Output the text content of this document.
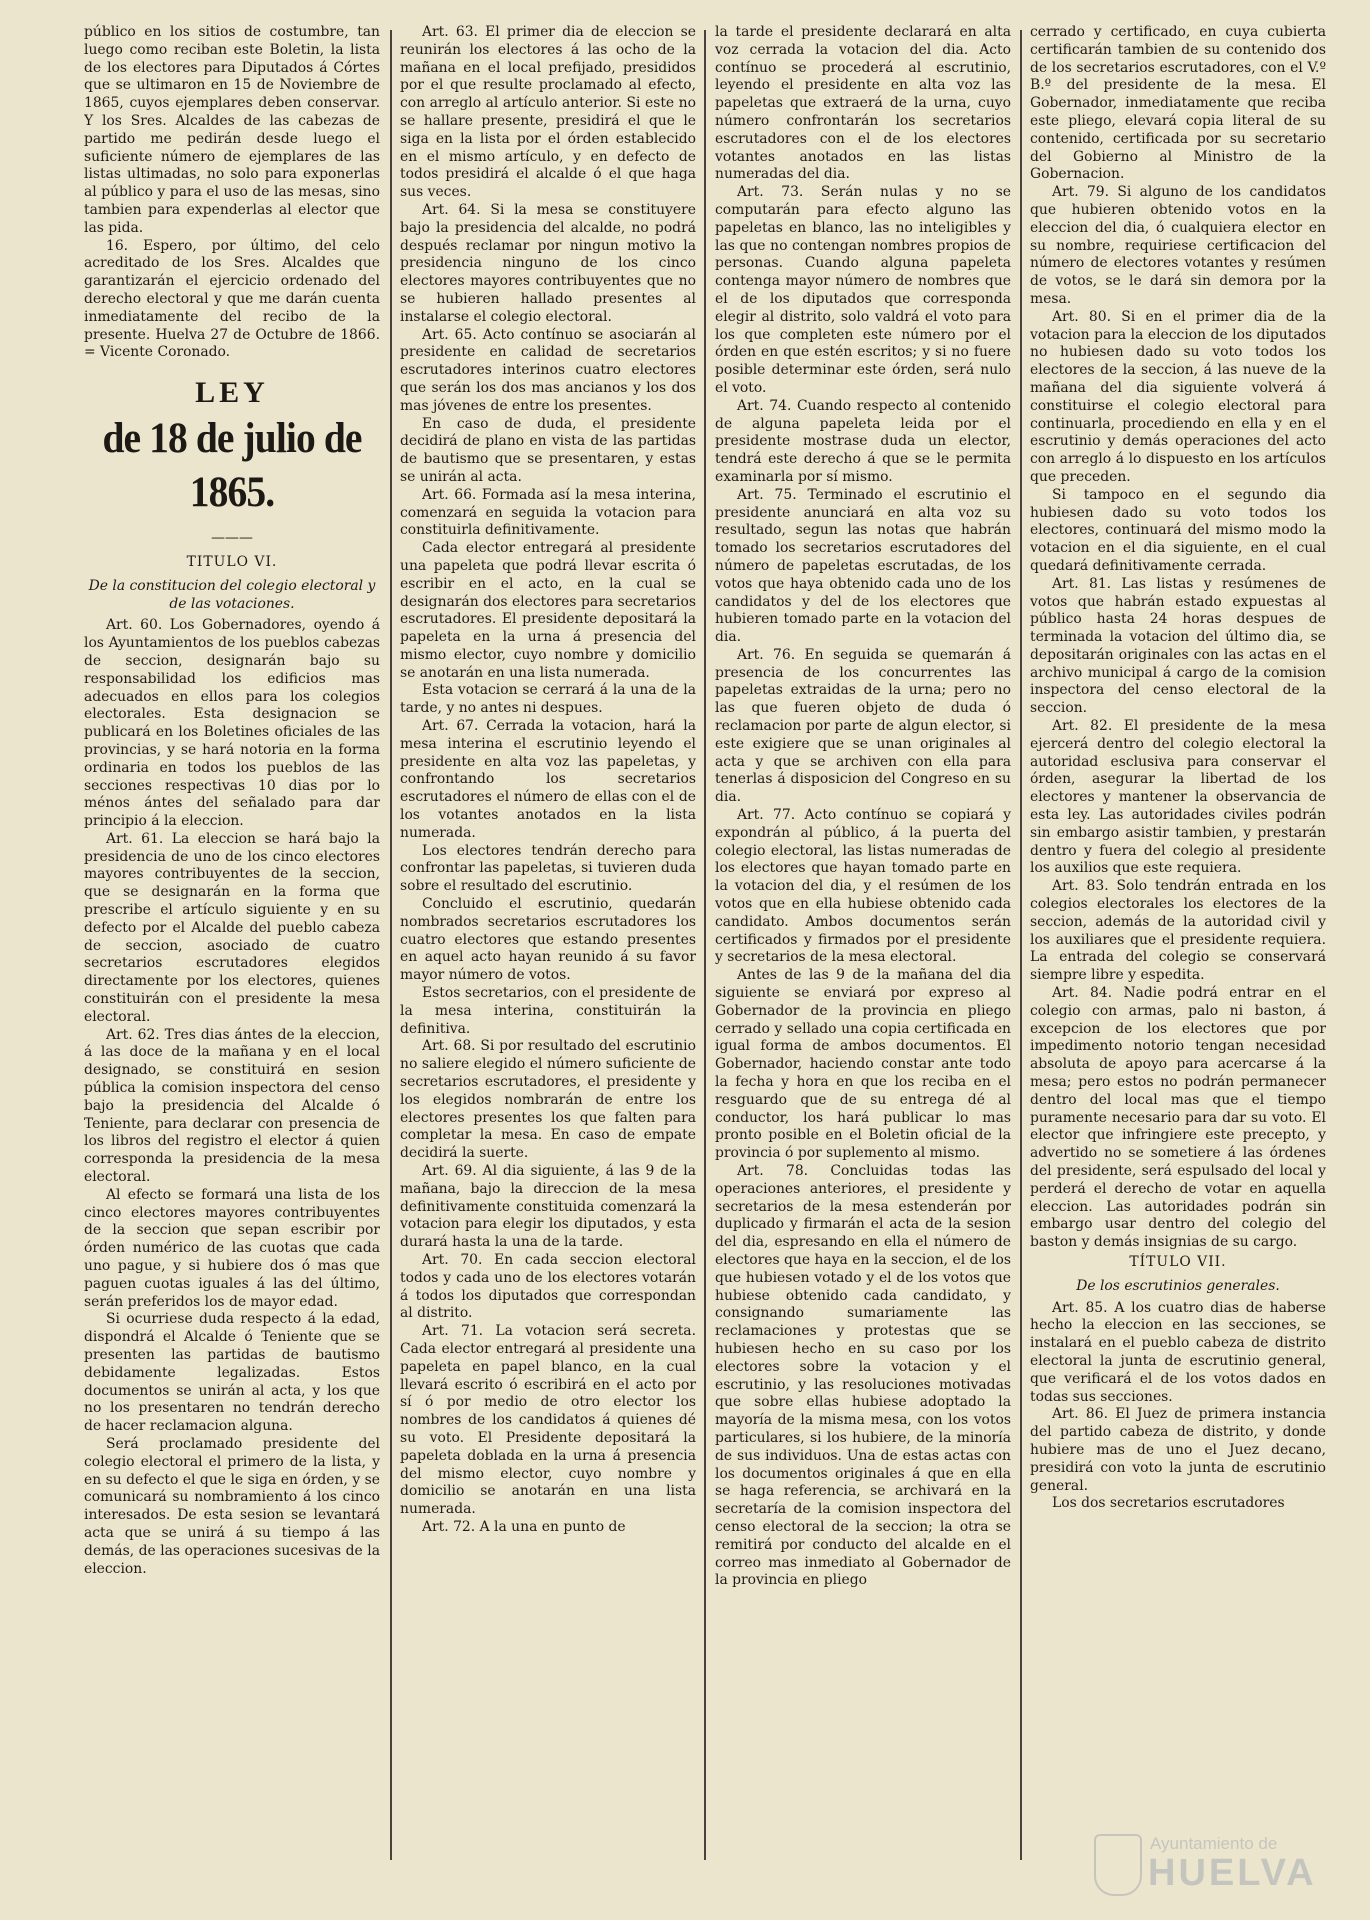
público en los sitios de costumbre, tan luego como reciban este Boletin, la lista de los electores para Diputados á Córtes que se ultimaron en 15 de Noviembre de 1865, cuyos ejemplares deben conservar. Y los Sres. Alcaldes de las cabezas de partido me pedirán desde luego el suficiente número de ejemplares de las listas ultimadas, no solo para exponerlas al público y para el uso de las mesas, sino tambien para expenderlas al elector que las pida.

16. Espero, por último, del celo acreditado de los Sres. Alcaldes que garantizarán el ejercicio ordenado del derecho electoral y que me darán cuenta inmediatamente del recibo de la presente. Huelva 27 de Octubre de 1866. = Vicente Coronado.

LEY

de 18 de julio de 1865.

———

TITULO VI.

De la constitucion del colegio electoral y de las votaciones.

Art. 60. Los Gobernadores, oyendo á los Ayuntamientos de los pueblos cabezas de seccion, designarán bajo su responsabilidad los edificios mas adecuados en ellos para los colegios electorales. Esta designacion se publicará en los Boletines oficiales de las provincias, y se hará notoria en la forma ordinaria en todos los pueblos de las secciones respectivas 10 dias por lo ménos ántes del señalado para dar principio á la eleccion.

Art. 61. La eleccion se hará bajo la presidencia de uno de los cinco electores mayores contribuyentes de la seccion, que se designarán en la forma que prescribe el artículo siguiente y en su defecto por el Alcalde del pueblo cabeza de seccion, asociado de cuatro secretarios escrutadores elegidos directamente por los electores, quienes constituirán con el presidente la mesa electoral.

Art. 62. Tres dias ántes de la eleccion, á las doce de la mañana y en el local designado, se constituirá en sesion pública la comision inspectora del censo bajo la presidencia del Alcalde ó Teniente, para declarar con presencia de los libros del registro el elector á quien corresponda la presidencia de la mesa electoral.

Al efecto se formará una lista de los cinco electores mayores contribuyentes de la seccion que sepan escribir por órden numérico de las cuotas que cada uno pague, y si hubiere dos ó mas que paguen cuotas iguales á las del último, serán preferidos los de mayor edad.

Si ocurriese duda respecto á la edad, dispondrá el Alcalde ó Teniente que se presenten las partidas de bautismo debidamente legalizadas. Estos documentos se unirán al acta, y los que no los presentaren no tendrán derecho de hacer reclamacion alguna.

Será proclamado presidente del colegio electoral el primero de la lista, y en su defecto el que le siga en órden, y se comunicará su nombramiento á los cinco interesados. De esta sesion se levantará acta que se unirá á su tiempo á las demás, de las operaciones sucesivas de la eleccion.

Art. 63. El primer dia de eleccion se reunirán los electores á las ocho de la mañana en el local prefijado, presididos por el que resulte proclamado al efecto, con arreglo al artículo anterior. Si este no se hallare presente, presidirá el que le siga en la lista por el órden establecido en el mismo artículo, y en defecto de todos presidirá el alcalde ó el que haga sus veces.

Art. 64. Si la mesa se constituyere bajo la presidencia del alcalde, no podrá después reclamar por ningun motivo la presidencia ninguno de los cinco electores mayores contribuyentes que no se hubieren hallado presentes al instalarse el colegio electoral.

Art. 65. Acto contínuo se asociarán al presidente en calidad de secretarios escrutadores interinos cuatro electores que serán los dos mas ancianos y los dos mas jóvenes de entre los presentes.

En caso de duda, el presidente decidirá de plano en vista de las partidas de bautismo que se presentaren, y estas se unirán al acta.

Art. 66. Formada así la mesa interina, comenzará en seguida la votacion para constituirla definitivamente.

Cada elector entregará al presidente una papeleta que podrá llevar escrita ó escribir en el acto, en la cual se designarán dos electores para secretarios escrutadores. El presidente depositará la papeleta en la urna á presencia del mismo elector, cuyo nombre y domicilio se anotarán en una lista numerada.

Esta votacion se cerrará á la una de la tarde, y no antes ni despues.

Art. 67. Cerrada la votacion, hará la mesa interina el escrutinio leyendo el presidente en alta voz las papeletas, y confrontando los secretarios escrutadores el número de ellas con el de los votantes anotados en la lista numerada.

Los electores tendrán derecho para confrontar las papeletas, si tuvieren duda sobre el resultado del escrutinio.

Concluido el escrutinio, quedarán nombrados secretarios escrutadores los cuatro electores que estando presentes en aquel acto hayan reunido á su favor mayor número de votos.

Estos secretarios, con el presidente de la mesa interina, constituirán la definitiva.

Art. 68. Si por resultado del escrutinio no saliere elegido el número suficiente de secretarios escrutadores, el presidente y los elegidos nombrarán de entre los electores presentes los que falten para completar la mesa. En caso de empate decidirá la suerte.

Art. 69. Al dia siguiente, á las 9 de la mañana, bajo la direccion de la mesa definitivamente constituida comenzará la votacion para elegir los diputados, y esta durará hasta la una de la tarde.

Art. 70. En cada seccion electoral todos y cada uno de los electores votarán á todos los diputados que correspondan al distrito.

Art. 71. La votacion será secreta. Cada elector entregará al presidente una papeleta en papel blanco, en la cual llevará escrito ó escribirá en el acto por sí ó por medio de otro elector los nombres de los candidatos á quienes dé su voto. El Presidente depositará la papeleta doblada en la urna á presencia del mismo elector, cuyo nombre y domicilio se anotarán en una lista numerada.

Art. 72. A la una en punto de

la tarde el presidente declarará en alta voz cerrada la votacion del dia. Acto contínuo se procederá al escrutinio, leyendo el presidente en alta voz las papeletas que extraerá de la urna, cuyo número confrontarán los secretarios escrutadores con el de los electores votantes anotados en las listas numeradas del dia.

Art. 73. Serán nulas y no se computarán para efecto alguno las papeletas en blanco, las no inteligibles y las que no contengan nombres propios de personas. Cuando alguna papeleta contenga mayor número de nombres que el de los diputados que corresponda elegir al distrito, solo valdrá el voto para los que completen este número por el órden en que estén escritos; y si no fuere posible determinar este órden, será nulo el voto.

Art. 74. Cuando respecto al contenido de alguna papeleta leida por el presidente mostrase duda un elector, tendrá este derecho á que se le permita examinarla por sí mismo.

Art. 75. Terminado el escrutinio el presidente anunciará en alta voz su resultado, segun las notas que habrán tomado los secretarios escrutadores del número de papeletas escrutadas, de los votos que haya obtenido cada uno de los candidatos y del de los electores que hubieren tomado parte en la votacion del dia.

Art. 76. En seguida se quemarán á presencia de los concurrentes las papeletas extraidas de la urna; pero no las que fueren objeto de duda ó reclamacion por parte de algun elector, si este exigiere que se unan originales al acta y que se archiven con ella para tenerlas á disposicion del Congreso en su dia.

Art. 77. Acto contínuo se copiará y expondrán al público, á la puerta del colegio electoral, las listas numeradas de los electores que hayan tomado parte en la votacion del dia, y el resúmen de los votos que en ella hubiese obtenido cada candidato. Ambos documentos serán certificados y firmados por el presidente y secretarios de la mesa electoral.

Antes de las 9 de la mañana del dia siguiente se enviará por expreso al Gobernador de la provincia en pliego cerrado y sellado una copia certificada en igual forma de ambos documentos. El Gobernador, haciendo constar ante todo la fecha y hora en que los reciba en el resguardo que de su entrega dé al conductor, los hará publicar lo mas pronto posible en el Boletin oficial de la provincia ó por suplemento al mismo.

Art. 78. Concluidas todas las operaciones anteriores, el presidente y secretarios de la mesa estenderán por duplicado y firmarán el acta de la sesion del dia, espresando en ella el número de electores que haya en la seccion, el de los que hubiesen votado y el de los votos que hubiese obtenido cada candidato, y consignando sumariamente las reclamaciones y protestas que se hubiesen hecho en su caso por los electores sobre la votacion y el escrutinio, y las resoluciones motivadas que sobre ellas hubiese adoptado la mayoría de la misma mesa, con los votos particulares, si los hubiere, de la minoría de sus individuos. Una de estas actas con los documentos originales á que en ella se haga referencia, se archivará en la secretaría de la comision inspectora del censo electoral de la seccion; la otra se remitirá por conducto del alcalde en el correo mas inmediato al Gobernador de la provincia en pliego

cerrado y certificado, en cuya cubierta certificarán tambien de su contenido dos de los secretarios escrutadores, con el V.º B.º del presidente de la mesa. El Gobernador, inmediatamente que reciba este pliego, elevará copia literal de su contenido, certificada por su secretario del Gobierno al Ministro de la Gobernacion.

Art. 79. Si alguno de los candidatos que hubieren obtenido votos en la eleccion del dia, ó cualquiera elector en su nombre, requiriese certificacion del número de electores votantes y resúmen de votos, se le dará sin demora por la mesa.

Art. 80. Si en el primer dia de la votacion para la eleccion de los diputados no hubiesen dado su voto todos los electores de la seccion, á las nueve de la mañana del dia siguiente volverá á constituirse el colegio electoral para continuarla, procediendo en ella y en el escrutinio y demás operaciones del acto con arreglo á lo dispuesto en los artículos que preceden.

Si tampoco en el segundo dia hubiesen dado su voto todos los electores, continuará del mismo modo la votacion en el dia siguiente, en el cual quedará definitivamente cerrada.

Art. 81. Las listas y resúmenes de votos que habrán estado expuestas al público hasta 24 horas despues de terminada la votacion del último dia, se depositarán originales con las actas en el archivo municipal á cargo de la comision inspectora del censo electoral de la seccion.

Art. 82. El presidente de la mesa ejercerá dentro del colegio electoral la autoridad esclusiva para conservar el órden, asegurar la libertad de los electores y mantener la observancia de esta ley. Las autoridades civiles podrán sin embargo asistir tambien, y prestarán dentro y fuera del colegio al presidente los auxilios que este requiera.

Art. 83. Solo tendrán entrada en los colegios electorales los electores de la seccion, además de la autoridad civil y los auxiliares que el presidente requiera. La entrada del colegio se conservará siempre libre y espedita.

Art. 84. Nadie podrá entrar en el colegio con armas, palo ni baston, á excepcion de los electores que por impedimento notorio tengan necesidad absoluta de apoyo para acercarse á la mesa; pero estos no podrán permanecer dentro del local mas que el tiempo puramente necesario para dar su voto. El elector que infringiere este precepto, y advertido no se sometiere á las órdenes del presidente, será espulsado del local y perderá el derecho de votar en aquella eleccion. Las autoridades podrán sin embargo usar dentro del colegio del baston y demás insignias de su cargo.

TÍTULO VII.

De los escrutinios generales.

Art. 85. A los cuatro dias de haberse hecho la eleccion en las secciones, se instalará en el pueblo cabeza de distrito electoral la junta de escrutinio general, que verificará el de los votos dados en todas sus secciones.

Art. 86. El Juez de primera instancia del partido cabeza de distrito, y donde hubiere mas de uno el Juez decano, presidirá con voto la junta de escrutinio general.

Los dos secretarios escrutadores

Ayuntamiento de
HUELVA
